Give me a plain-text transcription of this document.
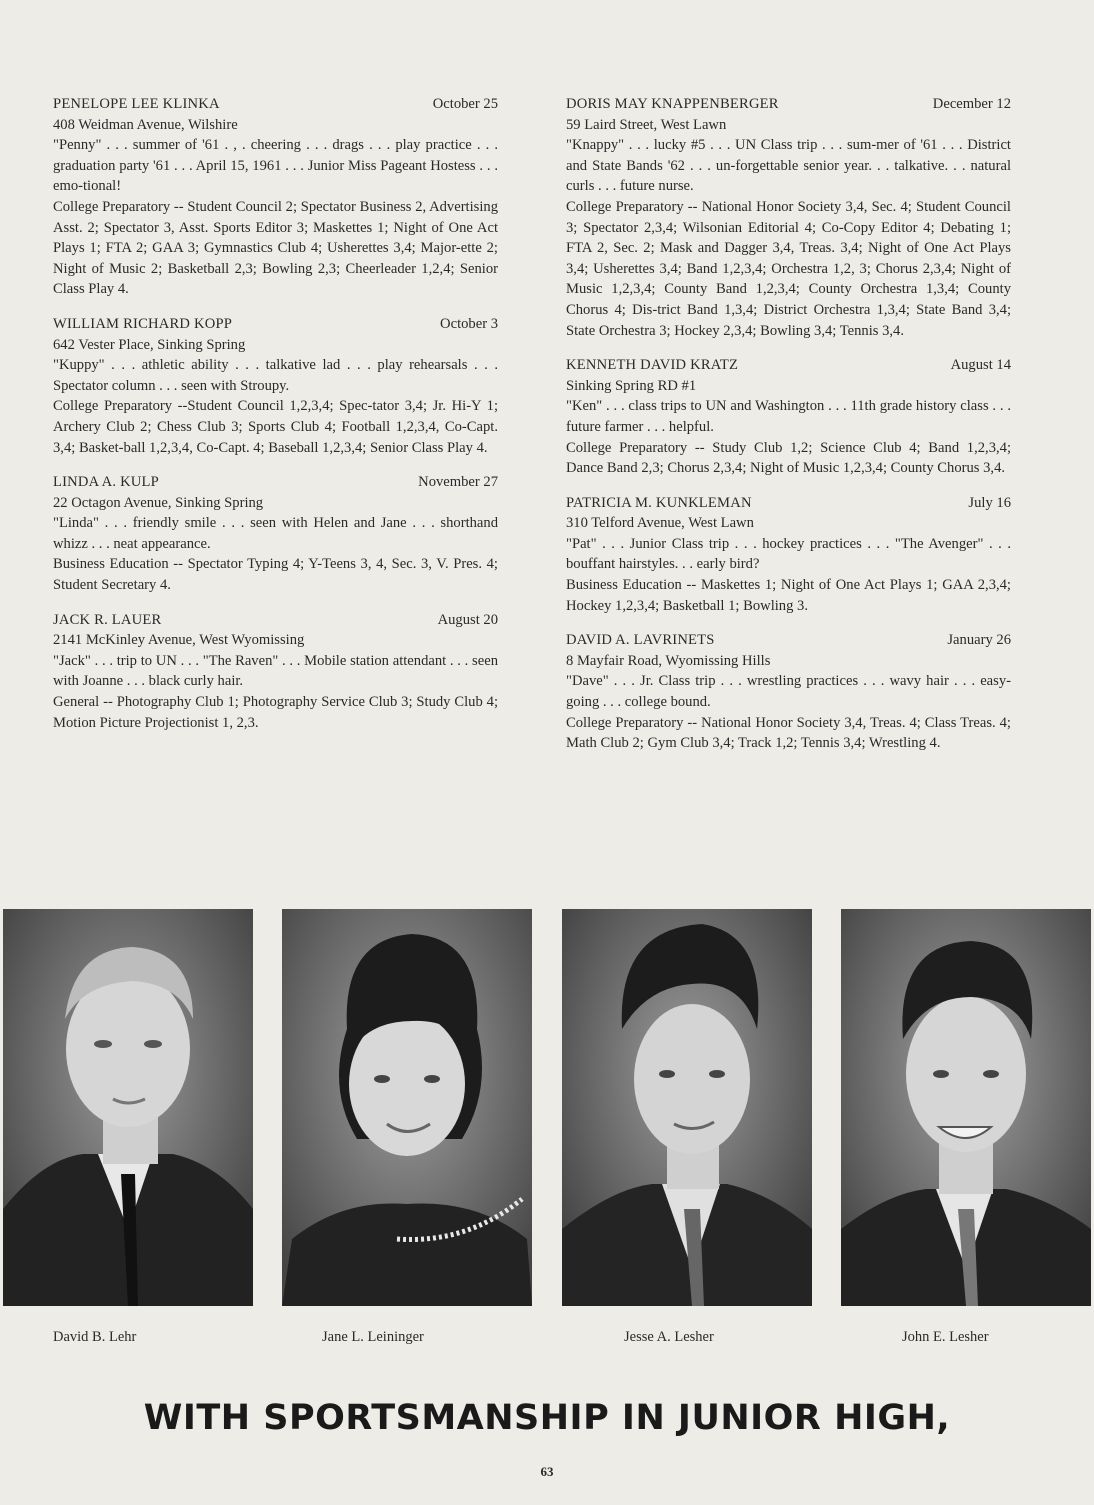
PENELOPE LEE KLINKA	October 25
408 Weidman Avenue, Wilshire
"Penny" . . . summer of '61 . , . cheering . . . drags . . . play practice . . . graduation party '61 . . . April 15, 1961 . . . Junior Miss Pageant Hostess . . . emo-tional!
College Preparatory -- Student Council 2; Spectator Business 2, Advertising Asst. 2; Spectator 3, Asst. Sports Editor 3; Maskettes 1; Night of One Act Plays 1; FTA 2; GAA 3; Gymnastics Club 4; Usherettes 3,4; Major-ette 2; Night of Music 2; Basketball 2,3; Bowling 2,3; Cheerleader 1,2,4; Senior Class Play 4.
WILLIAM RICHARD KOPP	October 3
642 Vester Place, Sinking Spring
"Kuppy" . . . athletic ability . . . talkative lad . . . play rehearsals . . . Spectator column . . . seen with Stroupy.
College Preparatory --Student Council 1,2,3,4; Spec-tator 3,4; Jr. Hi-Y 1; Archery Club 2; Chess Club 3; Sports Club 4; Football 1,2,3,4, Co-Capt. 3,4; Basket-ball 1,2,3,4, Co-Capt. 4; Baseball 1,2,3,4; Senior Class Play 4.
LINDA A. KULP	November 27
22 Octagon Avenue, Sinking Spring
"Linda" . . . friendly smile . . . seen with Helen and Jane . . . shorthand whizz . . . neat appearance.
Business Education -- Spectator Typing 4; Y-Teens 3, 4, Sec. 3, V. Pres. 4; Student Secretary 4.
JACK R. LAUER	August 20
2141 McKinley Avenue, West Wyomissing
"Jack" . . . trip to UN . . . "The Raven" . . . Mobile station attendant . . . seen with Joanne . . . black curly hair.
General -- Photography Club 1; Photography Service Club 3; Study Club 4; Motion Picture Projectionist 1, 2,3.
DORIS MAY KNAPPENBERGER	December 12
59 Laird Street, West Lawn
"Knappy" . . . lucky #5 . . . UN Class trip . . . sum-mer of '61 . . . District and State Bands '62 . . . un-forgettable senior year. . . talkative. . . natural curls . . . future nurse.
College Preparatory -- National Honor Society 3,4, Sec. 4; Student Council 3; Spectator 2,3,4; Wilsonian Editorial 4; Co-Copy Editor 4; Debating 1; FTA 2, Sec. 2; Mask and Dagger 3,4, Treas. 3,4; Night of One Act Plays 3,4; Usherettes 3,4; Band 1,2,3,4; Orchestra 1,2, 3; Chorus 2,3,4; Night of Music 1,2,3,4; County Band 1,2,3,4; County Orchestra 1,3,4; County Chorus 4; Dis-trict Band 1,3,4; District Orchestra 1,3,4; State Band 3,4; State Orchestra 3; Hockey 2,3,4; Bowling 3,4; Tennis 3,4.
KENNETH DAVID KRATZ	August 14
Sinking Spring RD #1
"Ken" . . . class trips to UN and Washington . . . 11th grade history class . . . future farmer . . . helpful.
College Preparatory -- Study Club 1,2; Science Club 4; Band 1,2,3,4; Dance Band 2,3; Chorus 2,3,4; Night of Music 1,2,3,4; County Chorus 3,4.
PATRICIA M. KUNKLEMAN	July 16
310 Telford Avenue, West Lawn
"Pat" . . . Junior Class trip . . . hockey practices . . . "The Avenger" . . . bouffant hairstyles. . . early bird?
Business Education -- Maskettes 1; Night of One Act Plays 1; GAA 2,3,4; Hockey 1,2,3,4; Basketball 1; Bowling 3.
DAVID A. LAVRINETS	January 26
8 Mayfair Road, Wyomissing Hills
"Dave" . . . Jr. Class trip . . . wrestling practices . . . wavy hair . . . easy-going . . . college bound.
College Preparatory -- National Honor Society 3,4, Treas. 4; Class Treas. 4; Math Club 2; Gym Club 3,4; Track 1,2; Tennis 3,4; Wrestling 4.
David B. Lehr	Jane L. Leininger	Jesse A. Lesher	John E. Lesher
WITH SPORTSMANSHIP IN JUNIOR HIGH,
63
